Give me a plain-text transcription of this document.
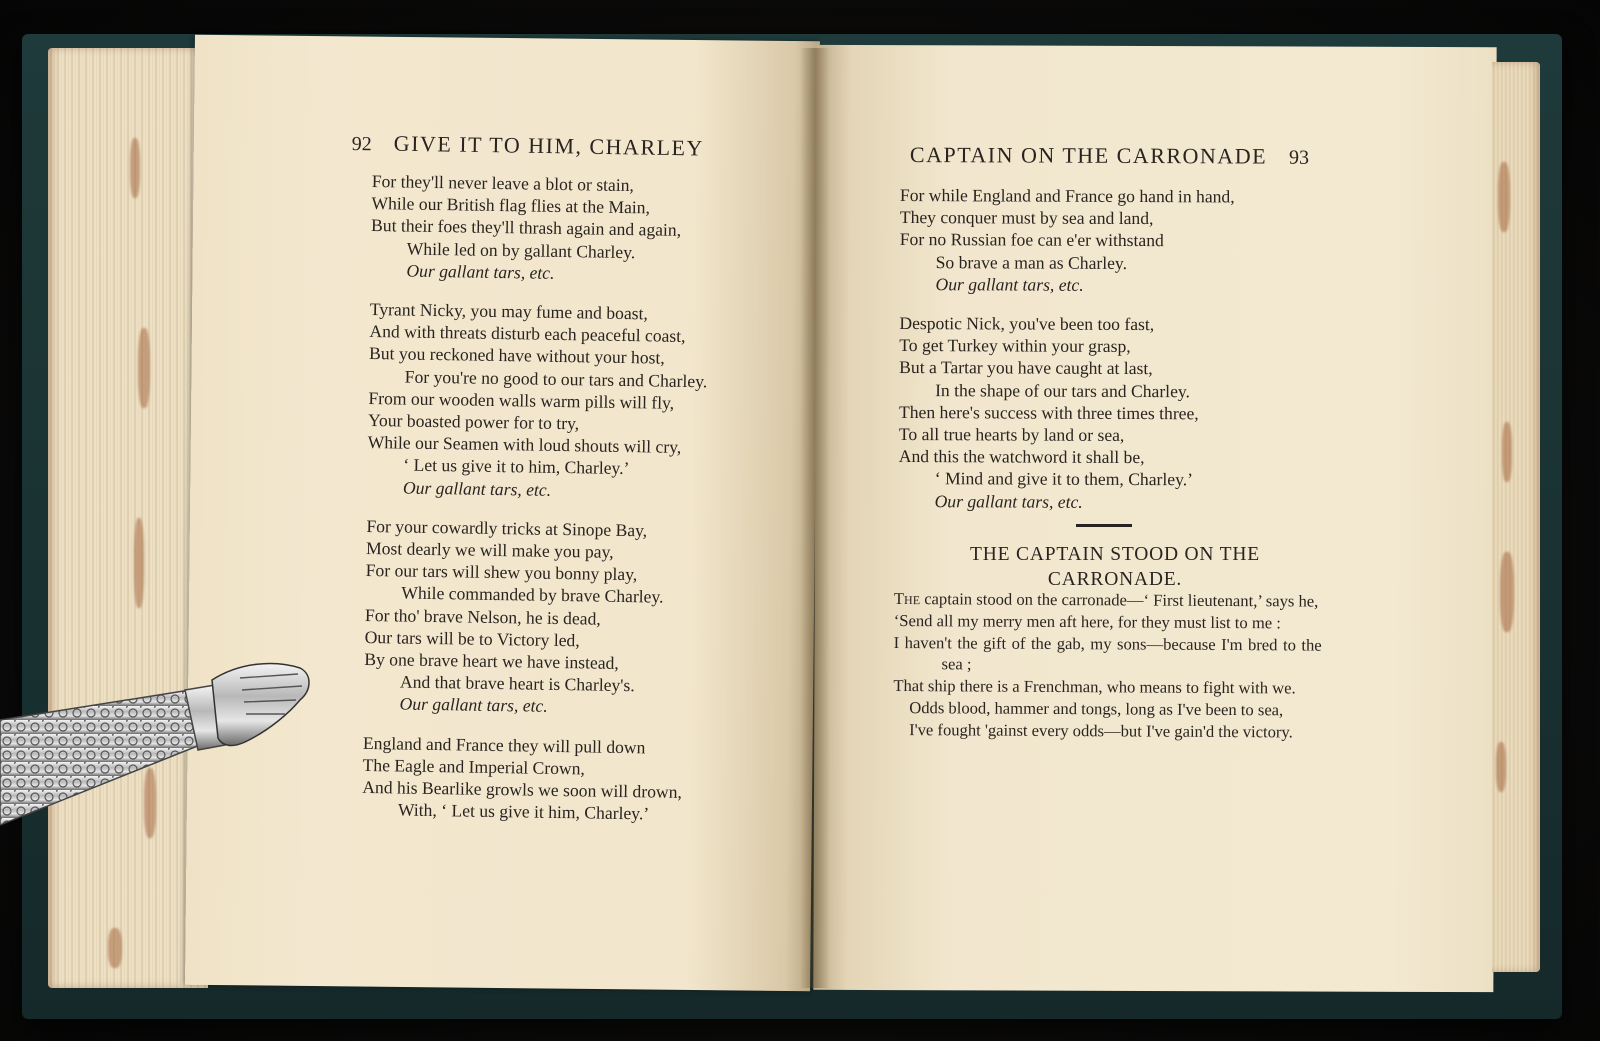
92 GIVE IT TO HIM, CHARLEY
For they'll never leave a blot or stain,
While our British flag flies at the Main,
But their foes they'll thrash again and again,
While led on by gallant Charley.
Our gallant tars, etc.
Tyrant Nicky, you may fume and boast,
And with threats disturb each peaceful coast,
But you reckoned have without your host,
For you're no good to our tars and Charley.
From our wooden walls warm pills will fly,
Your boasted power for to try,
While our Seamen with loud shouts will cry,
‘ Let us give it to him, Charley.’
Our gallant tars, etc.
For your cowardly tricks at Sinope Bay,
Most dearly we will make you pay,
For our tars will shew you bonny play,
While commanded by brave Charley.
For tho' brave Nelson, he is dead,
Our tars will be to Victory led,
By one brave heart we have instead,
And that brave heart is Charley's.
Our gallant tars, etc.
England and France they will pull down
The Eagle and Imperial Crown,
And his Bearlike growls we soon will drown,
With, ‘ Let us give it him, Charley.’
CAPTAIN ON THE CARRONADE 93
For while England and France go hand in hand,
They conquer must by sea and land,
For no Russian foe can e'er withstand
So brave a man as Charley.
Our gallant tars, etc.
Despotic Nick, you've been too fast,
To get Turkey within your grasp,
But a Tartar you have caught at last,
In the shape of our tars and Charley.
Then here's success with three times three,
To all true hearts by land or sea,
And this the watchword it shall be,
‘ Mind and give it to them, Charley.’
Our gallant tars, etc.
THE CAPTAIN STOOD ON THE
CARRONADE.
The captain stood on the carronade—‘ First lieutenant,’ says he,
‘Send all my merry men aft here, for they must list to me :
I haven't the gift of the gab, my sons—because I'm bred to the sea ;
That ship there is a Frenchman, who means to fight with we.
Odds blood, hammer and tongs, long as I've been to sea,
I've fought 'gainst every odds—but I've gain'd the victory.
